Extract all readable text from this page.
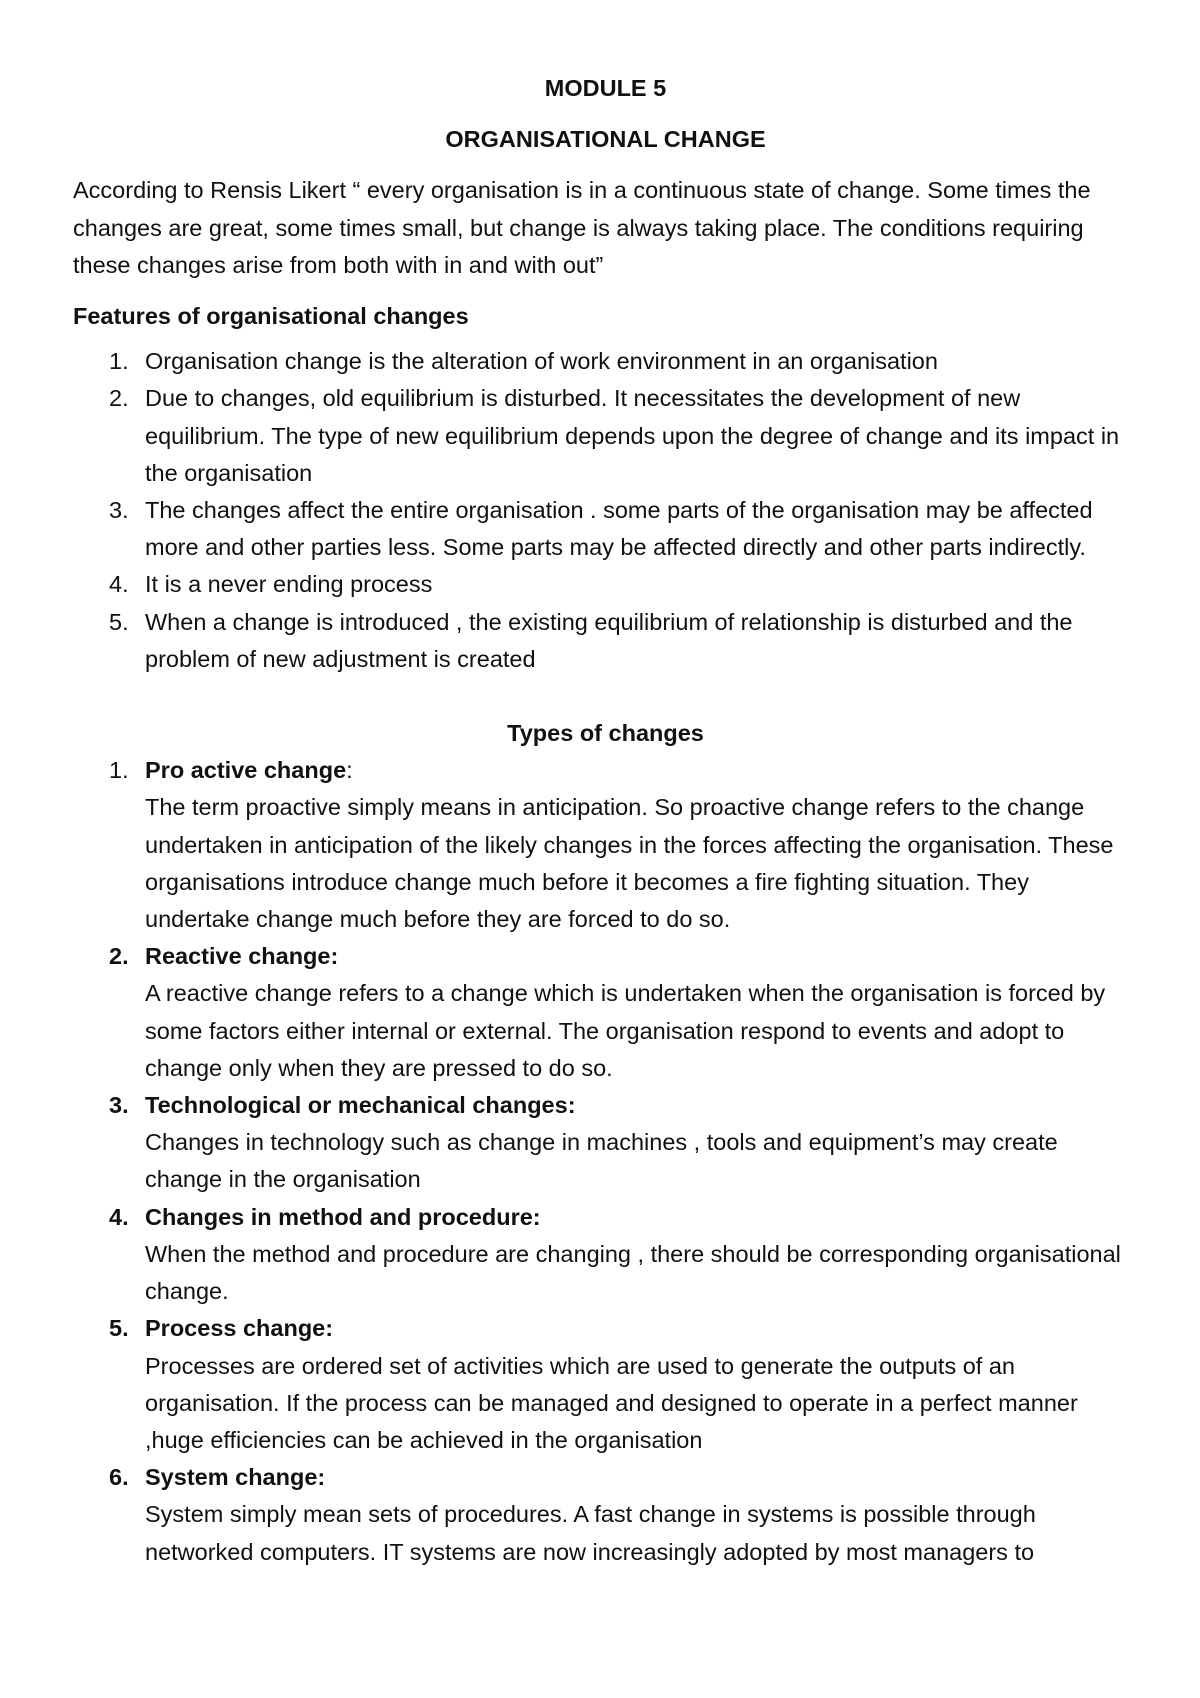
MODULE 5
ORGANISATIONAL CHANGE
According to Rensis Likert “ every organisation is in a continuous state of change. Some times the changes are great, some times small, but change is always taking place. The conditions requiring these changes arise from both with in and with out”
Features of organisational changes
1. Organisation change is the alteration of work environment in an organisation
2. Due to changes, old equilibrium is disturbed. It necessitates the development of new equilibrium. The type of new equilibrium depends upon the degree of change and its impact in the organisation
3. The changes affect the entire organisation . some parts of the organisation may be affected more and other parties less. Some parts may be affected directly and other parts indirectly.
4. It is a never ending process
5. When a change is introduced , the existing equilibrium of relationship is disturbed and the problem of new adjustment is created
Types of changes
1. Pro active change:
The term proactive simply means in anticipation. So proactive change refers to the change undertaken in anticipation of the likely changes in the forces affecting the organisation. These organisations introduce change much before it becomes a fire fighting situation. They undertake change much before they are forced to do so.
2. Reactive change:
A reactive change refers to a change which is undertaken when the organisation is forced by some factors either internal or external. The organisation respond to events and adopt to change only when they are pressed to do so.
3. Technological or mechanical changes:
Changes in technology such as change in machines , tools and equipment’s may create change in the organisation
4. Changes in method and procedure:
When the method and procedure are changing , there should be corresponding organisational change.
5. Process change:
Processes are ordered set of activities which are used to generate the outputs of an organisation. If the process can be managed and designed to operate in a perfect manner ,huge efficiencies can be achieved in the organisation
6. System change:
System simply mean sets of procedures. A fast change in systems is possible through networked computers. IT systems are now increasingly adopted by most managers to
